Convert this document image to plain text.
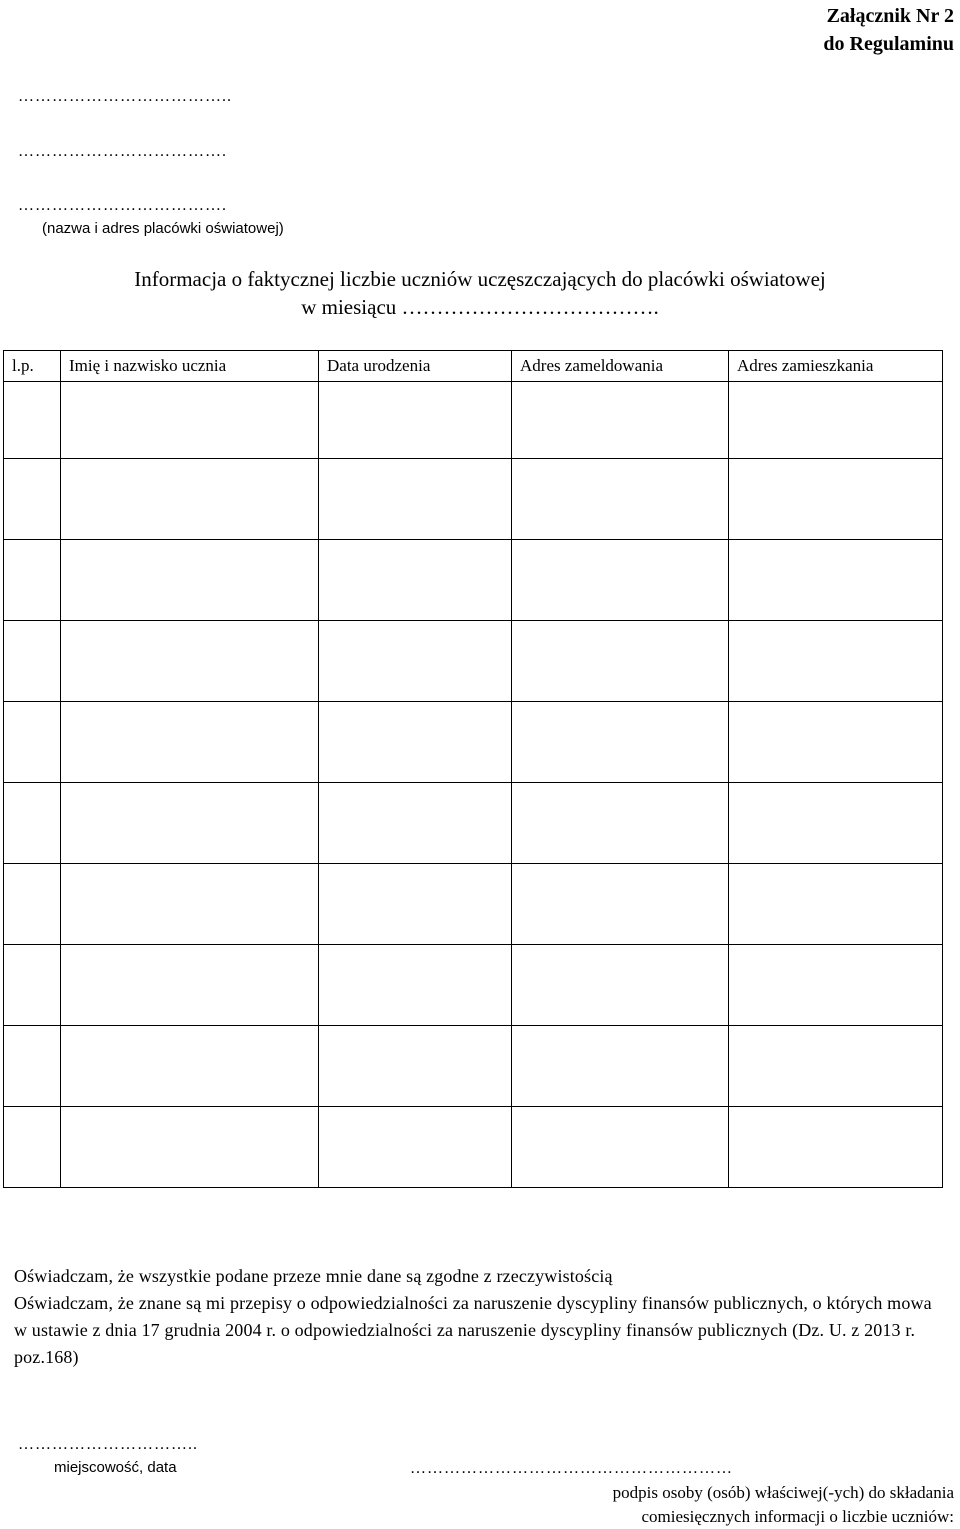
Załącznik Nr 2
do Regulaminu
………………………………..
……………………………….
……………………………….
(nazwa i adres placówki oświatowej)
Informacja o faktycznej liczbie uczniów uczęszczających do placówki oświatowej
w miesiącu ……………………………….
l.p.	Imię i nazwisko ucznia	Data urodzenia	Adres zameldowania	Adres zamieszkania

Oświadczam, że wszystkie podane przeze mnie dane są zgodne z rzeczywistością
Oświadczam, że znane są mi przepisy o odpowiedzialności za naruszenie dyscypliny finansów publicznych, o których mowa w ustawie z dnia 17 grudnia 2004 r. o odpowiedzialności za naruszenie dyscypliny finansów publicznych (Dz. U. z 2013 r. poz.168)
…………………………..
miejscowość, data	…………………………………………………
podpis osoby (osób) właściwej(-ych) do składania
comiesięcznych informacji o liczbie uczniów:
